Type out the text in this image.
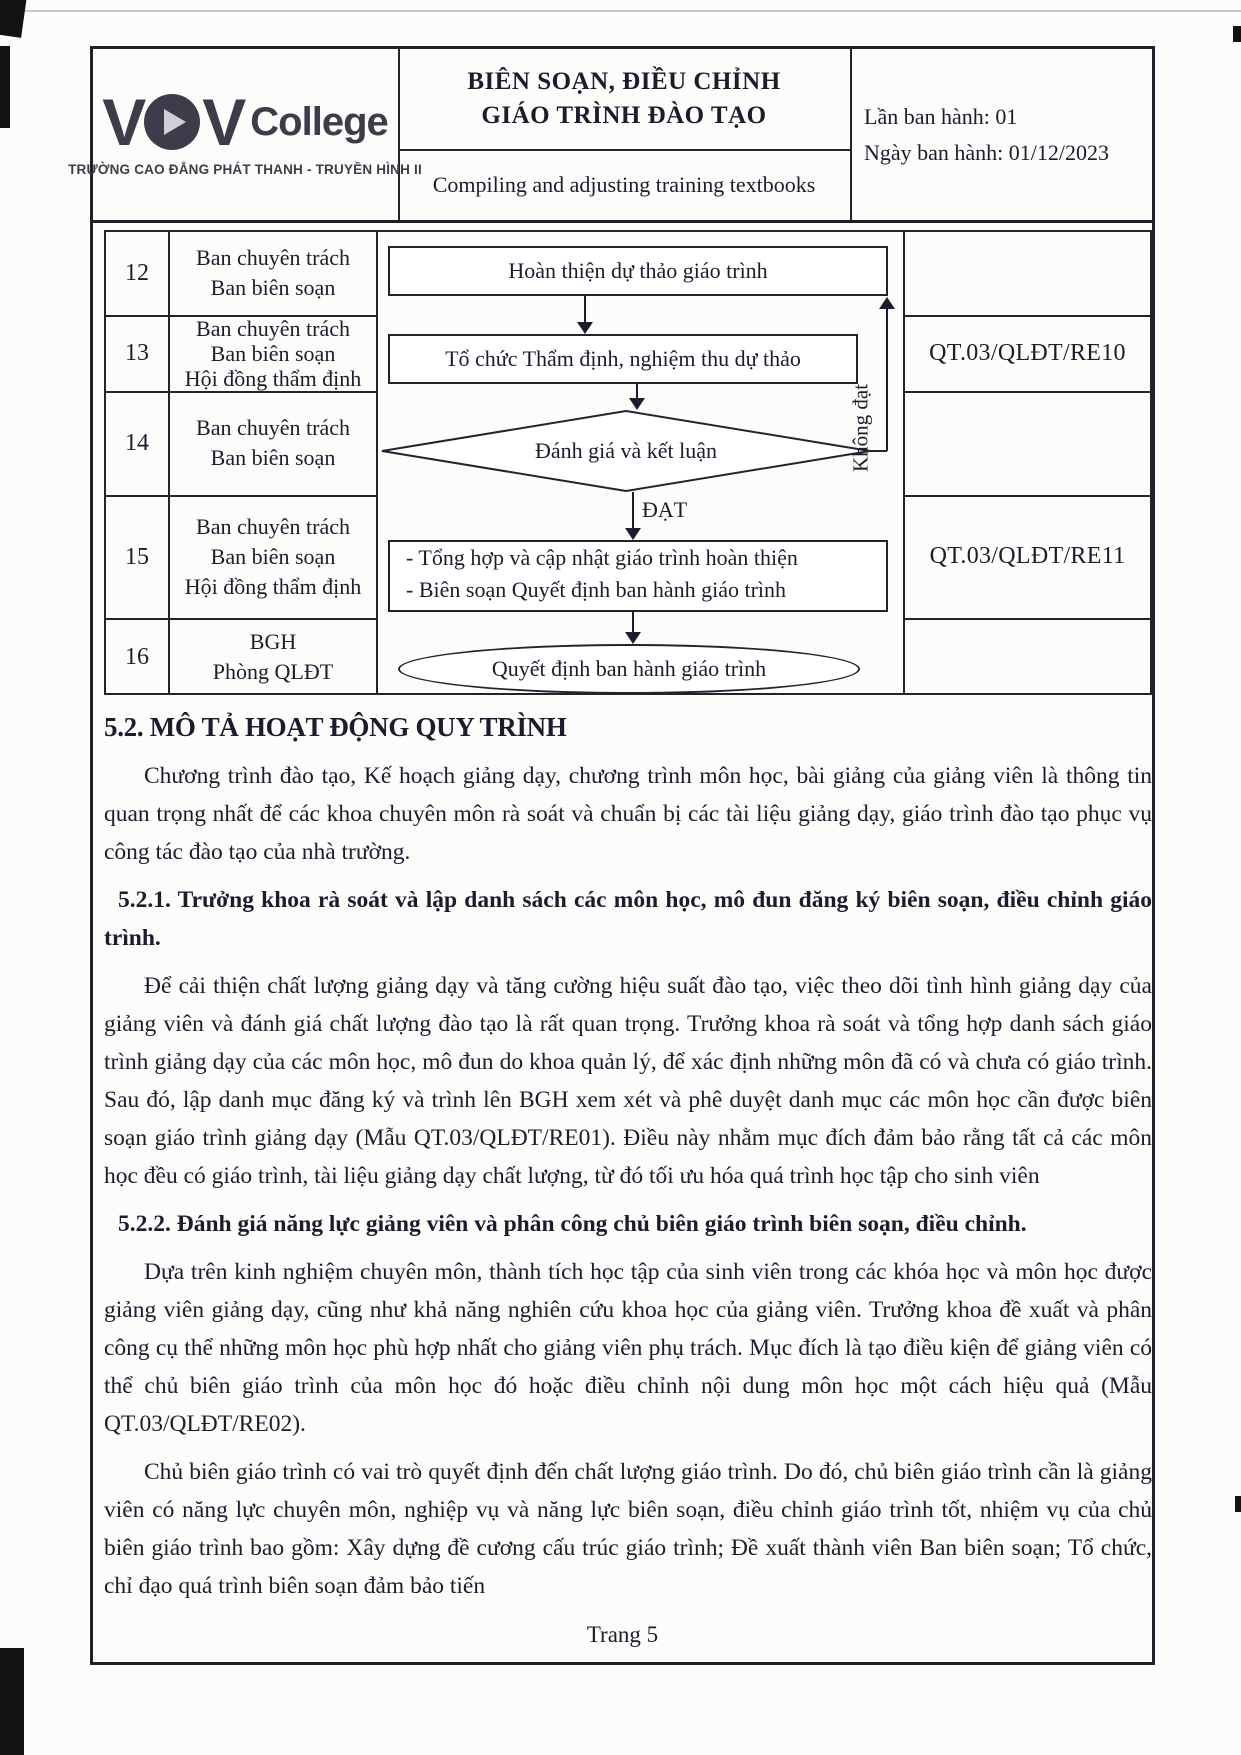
V V College
TRƯỜNG CAO ĐẲNG PHÁT THANH - TRUYỀN HÌNH II
BIÊN SOẠN, ĐIỀU CHỈNH
GIÁO TRÌNH ĐÀO TẠO
Compiling and adjusting training textbooks
Lần ban hành: 01
Ngày ban hành: 01/12/2023
12
Ban chuyên trách
Ban biên soạn
13
Ban chuyên trách
Ban biên soạn
Hội đồng thẩm định
14
Ban chuyên trách
Ban biên soạn
15
Ban chuyên trách
Ban biên soạn
Hội đồng thẩm định
16
BGH
Phòng QLĐT
QT.03/QLĐT/RE10
QT.03/QLĐT/RE11
Hoàn thiện dự thảo giáo trình
Tổ chức Thẩm định, nghiệm thu dự thảo
Đánh giá và kết luận	Không đạt
ĐẠT
- Tổng hợp và cập nhật giáo trình hoàn thiện
- Biên soạn Quyết định ban hành giáo trình
Quyết định ban hành giáo trình
5.2. MÔ TẢ HOẠT ĐỘNG QUY TRÌNH

Chương trình đào tạo, Kế hoạch giảng dạy, chương trình môn học, bài giảng của giảng viên là thông tin quan trọng nhất để các khoa chuyên môn rà soát và chuẩn bị các tài liệu giảng dạy, giáo trình đào tạo phục vụ công tác đào tạo của nhà trường.

5.2.1. Trưởng khoa rà soát và lập danh sách các môn học, mô đun đăng ký biên soạn, điều chỉnh giáo trình.

Để cải thiện chất lượng giảng dạy và tăng cường hiệu suất đào tạo, việc theo dõi tình hình giảng dạy của giảng viên và đánh giá chất lượng đào tạo là rất quan trọng. Trưởng khoa rà soát và tổng hợp danh sách giáo trình giảng dạy của các môn học, mô đun do khoa quản lý, để xác định những môn đã có và chưa có giáo trình. Sau đó, lập danh mục đăng ký và trình lên BGH xem xét và phê duyệt danh mục các môn học cần được biên soạn giáo trình giảng dạy (Mẫu QT.03/QLĐT/RE01). Điều này nhằm mục đích đảm bảo rằng tất cả các môn học đều có giáo trình, tài liệu giảng dạy chất lượng, từ đó tối ưu hóa quá trình học tập cho sinh viên

5.2.2. Đánh giá năng lực giảng viên và phân công chủ biên giáo trình biên soạn, điều chỉnh.

Dựa trên kinh nghiệm chuyên môn, thành tích học tập của sinh viên trong các khóa học và môn học được giảng viên giảng dạy, cũng như khả năng nghiên cứu khoa học của giảng viên. Trưởng khoa đề xuất và phân công cụ thể những môn học phù hợp nhất cho giảng viên phụ trách. Mục đích là tạo điều kiện để giảng viên có thể chủ biên giáo trình của môn học đó hoặc điều chỉnh nội dung môn học một cách hiệu quả (Mẫu QT.03/QLĐT/RE02).

Chủ biên giáo trình có vai trò quyết định đến chất lượng giáo trình. Do đó, chủ biên giáo trình cần là giảng viên có năng lực chuyên môn, nghiệp vụ và năng lực biên soạn, điều chỉnh giáo trình tốt, nhiệm vụ của chủ biên giáo trình bao gồm: Xây dựng đề cương cấu trúc giáo trình; Đề xuất thành viên Ban biên soạn; Tổ chức, chỉ đạo quá trình biên soạn đảm bảo tiến

Trang 5
